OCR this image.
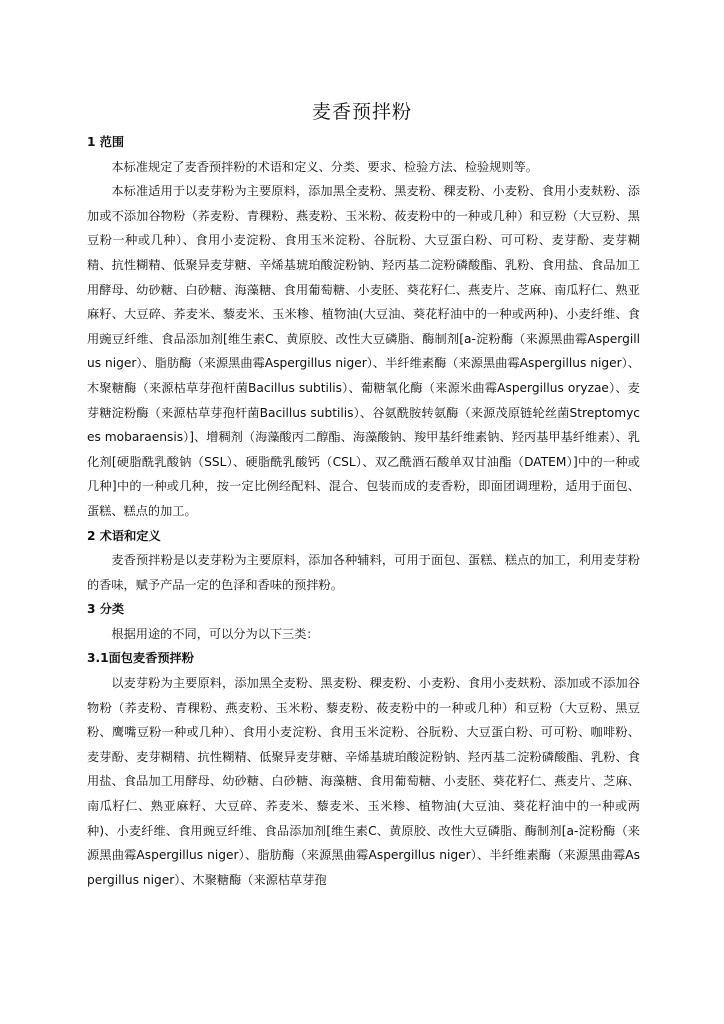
麦香预拌粉

1 范围

本标准规定了麦香预拌粉的术语和定义、分类、要求、检验方法、检验规则等。

本标准适用于以麦芽粉为主要原料，添加黑全麦粉、黑麦粉、稞麦粉、小麦粉、食用小麦麸粉、添加或不添加谷物粉（荞麦粉、青稞粉、燕麦粉、玉米粉、莜麦粉中的一种或几种）和豆粉（大豆粉、黑豆粉一种或几种）、食用小麦淀粉、食用玉米淀粉、谷朊粉、大豆蛋白粉、可可粉、麦芽酚、麦芽糊精、抗性糊精、低聚异麦芽糖、辛烯基琥珀酸淀粉钠、羟丙基二淀粉磷酸酯、乳粉、食用盐、食品加工用酵母、幼砂糖、白砂糖、海藻糖、食用葡萄糖、小麦胚、葵花籽仁、燕麦片、芝麻、南瓜籽仁、熟亚麻籽、大豆碎、荞麦米、藜麦米、玉米糁、植物油(大豆油、葵花籽油中的一种或两种)、小麦纤维、食用豌豆纤维、食品添加剂[维生素C、黄原胶、改性大豆磷脂、酶制剂[a-淀粉酶（来源黑曲霉Aspergillus niger）、脂肪酶（来源黑曲霉Aspergillus niger）、半纤维素酶（来源黑曲霉Aspergillus niger）、木聚糖酶（来源枯草芽孢杆菌Bacillus subtilis）、葡糖氧化酶（来源米曲霉Aspergillus oryzae）、麦芽糖淀粉酶（来源枯草芽孢杆菌Bacillus subtilis）、谷氨酰胺转氨酶（来源茂原链轮丝菌Streptomyces mobaraensis）]、增稠剂（海藻酸丙二醇酯、海藻酸钠、羧甲基纤维素钠、羟丙基甲基纤维素）、乳化剂[硬脂酰乳酸钠（SSL）、硬脂酰乳酸钙（CSL）、双乙酰酒石酸单双甘油酯（DATEM）]中的一种或几种]中的一种或几种，按一定比例经配料、混合、包装而成的麦香粉，即面团调理粉，适用于面包、蛋糕、糕点的加工。

2 术语和定义

麦香预拌粉是以麦芽粉为主要原料，添加各种辅料，可用于面包、蛋糕、糕点的加工，利用麦芽粉的香味，赋予产品一定的色泽和香味的预拌粉。

3 分类

根据用途的不同，可以分为以下三类：

3.1面包麦香预拌粉

以麦芽粉为主要原料，添加黑全麦粉、黑麦粉、稞麦粉、小麦粉、食用小麦麸粉、添加或不添加谷物粉（荞麦粉、青稞粉、燕麦粉、玉米粉、藜麦粉、莜麦粉中的一种或几种）和豆粉（大豆粉、黑豆粉、鹰嘴豆粉一种或几种）、食用小麦淀粉、食用玉米淀粉、谷朊粉、大豆蛋白粉、可可粉、咖啡粉、麦芽酚、麦芽糊精、抗性糊精、低聚异麦芽糖、辛烯基琥珀酸淀粉钠、羟丙基二淀粉磷酸酯、乳粉、食用盐、食品加工用酵母、幼砂糖、白砂糖、海藻糖、食用葡萄糖、小麦胚、葵花籽仁、燕麦片、芝麻、南瓜籽仁、熟亚麻籽、大豆碎、荞麦米、藜麦米、玉米糁、植物油(大豆油、葵花籽油中的一种或两种)、小麦纤维、食用豌豆纤维、食品添加剂[维生素C、黄原胶、改性大豆磷脂、酶制剂[a-淀粉酶（来源黑曲霉Aspergillus niger）、脂肪酶（来源黑曲霉Aspergillus niger）、半纤维素酶（来源黑曲霉Aspergillus niger）、木聚糖酶（来源枯草芽孢
